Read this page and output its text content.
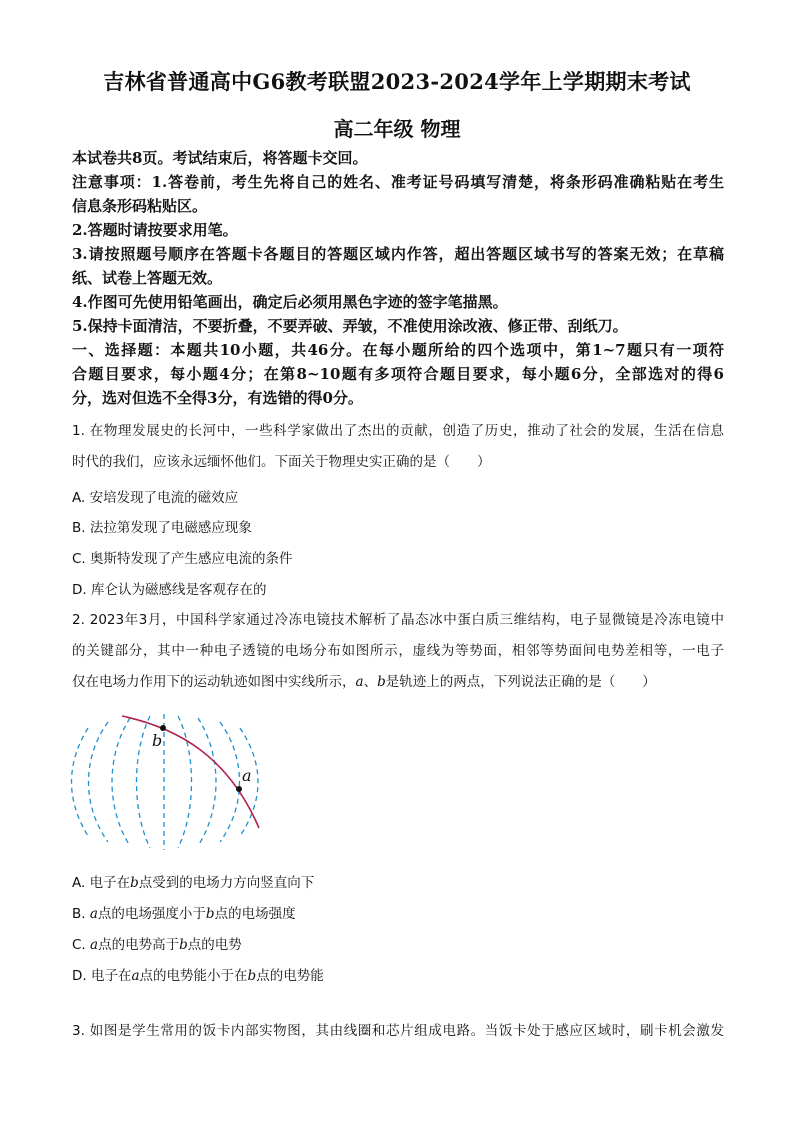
吉林省普通高中G6教考联盟2023-2024学年上学期期末考试
高二年级 物理
本试卷共8页。考试结束后，将答题卡交回。
注意事项：1.答卷前，考生先将自己的姓名、准考证号码填写清楚，将条形码准确粘贴在考生
信息条形码粘贴区。
2.答题时请按要求用笔。
3.请按照题号顺序在答题卡各题目的答题区域内作答，超出答题区域书写的答案无效；在草稿
纸、试卷上答题无效。
4.作图可先使用铅笔画出，确定后必须用黑色字迹的签字笔描黑。
5.保持卡面清洁，不要折叠，不要弄破、弄皱，不准使用涂改液、修正带、刮纸刀。
一、选择题：本题共10小题，共46分。在每小题所给的四个选项中，第1~7题只有一项符
合题目要求，每小题4分；在第8~10题有多项符合题目要求，每小题6分，全部选对的得6
分，选对但选不全得3分，有选错的得0分。
1. 在物理发展史的长河中，一些科学家做出了杰出的贡献，创造了历史，推动了社会的发展，生活在信息
时代的我们，应该永远缅怀他们。下面关于物理史实正确的是（　　）
A. 安培发现了电流的磁效应
B. 法拉第发现了电磁感应现象
C. 奥斯特发现了产生感应电流的条件
D. 库仑认为磁感线是客观存在的
2. 2023年3月，中国科学家通过冷冻电镜技术解析了晶态冰中蛋白质三维结构，电子显微镜是冷冻电镜中
的关键部分，其中一种电子透镜的电场分布如图所示，虚线为等势面，相邻等势面间电势差相等，一电子
仅在电场力作用下的运动轨迹如图中实线所示，a、b是轨迹上的两点，下列说法正确的是（　　）
b
a
A. 电子在b点受到的电场力方向竖直向下
B. a点的电场强度小于b点的电场强度
C. a点的电势高于b点的电势
D. 电子在a点的电势能小于在b点的电势能
3. 如图是学生常用的饭卡内部实物图，其由线圈和芯片组成电路。当饭卡处于感应区域时，刷卡机会激发
